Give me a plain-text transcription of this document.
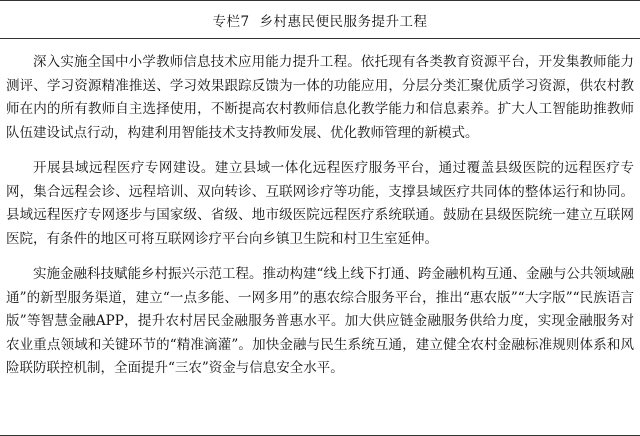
专栏7 乡村惠民便民服务提升工程

深入实施全国中小学教师信息技术应用能力提升工程。依托现有各类教育资源平台，开发集教师能力测评、学习资源精准推送、学习效果跟踪反馈为一体的功能应用，分层分类汇聚优质学习资源，供农村教师在内的所有教师自主选择使用，不断提高农村教师信息化教学能力和信息素养。扩大人工智能助推教师队伍建设试点行动，构建利用智能技术支持教师发展、优化教师管理的新模式。

开展县域远程医疗专网建设。建立县域一体化远程医疗服务平台，通过覆盖县级医院的远程医疗专网，集合远程会诊、远程培训、双向转诊、互联网诊疗等功能，支撑县域医疗共同体的整体运行和协同。县域远程医疗专网逐步与国家级、省级、地市级医院远程医疗系统联通。鼓励在县级医院统一建立互联网医院，有条件的地区可将互联网诊疗平台向乡镇卫生院和村卫生室延伸。

实施金融科技赋能乡村振兴示范工程。推动构建“线上线下打通、跨金融机构互通、金融与公共领域融通”的新型服务渠道，建立“一点多能、一网多用”的惠农综合服务平台，推出“惠农版”“大字版”“民族语言版”等智慧金融APP，提升农村居民金融服务普惠水平。加大供应链金融服务供给力度，实现金融服务对农业重点领域和关键环节的“精准滴灌”。加快金融与民生系统互通，建立健全农村金融标准规则体系和风险联防联控机制，全面提升“三农”资金与信息安全水平。
